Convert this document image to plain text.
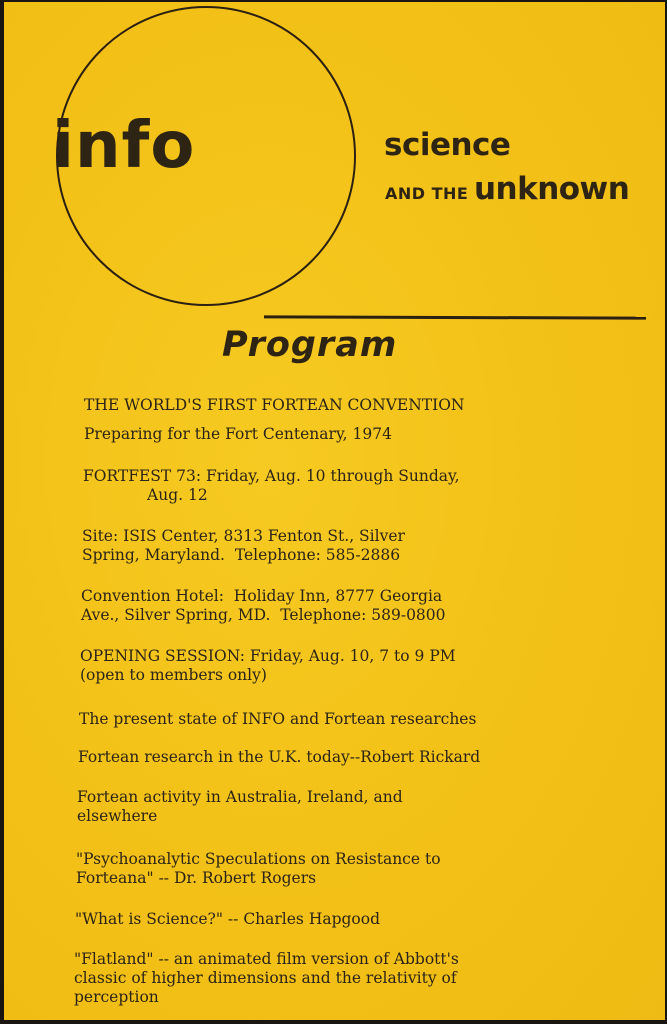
info	science
AND THE unknown
Program

THE WORLD'S FIRST FORTEAN CONVENTION

Preparing for the Fort Centenary, 1974

FORTFEST 73: Friday, Aug. 10 through Sunday,
Aug. 12

Site: ISIS Center, 8313 Fenton St., Silver
Spring, Maryland.  Telephone: 585-2886

Convention Hotel:  Holiday Inn, 8777 Georgia
Ave., Silver Spring, MD.  Telephone: 589-0800

OPENING SESSION: Friday, Aug. 10, 7 to 9 PM
(open to members only)

The present state of INFO and Fortean researches

Fortean research in the U.K. today--Robert Rickard

Fortean activity in Australia, Ireland, and
elsewhere

"Psychoanalytic Speculations on Resistance to
Forteana" -- Dr. Robert Rogers

"What is Science?" -- Charles Hapgood

"Flatland" -- an animated film version of Abbott's
classic of higher dimensions and the relativity of
perception
